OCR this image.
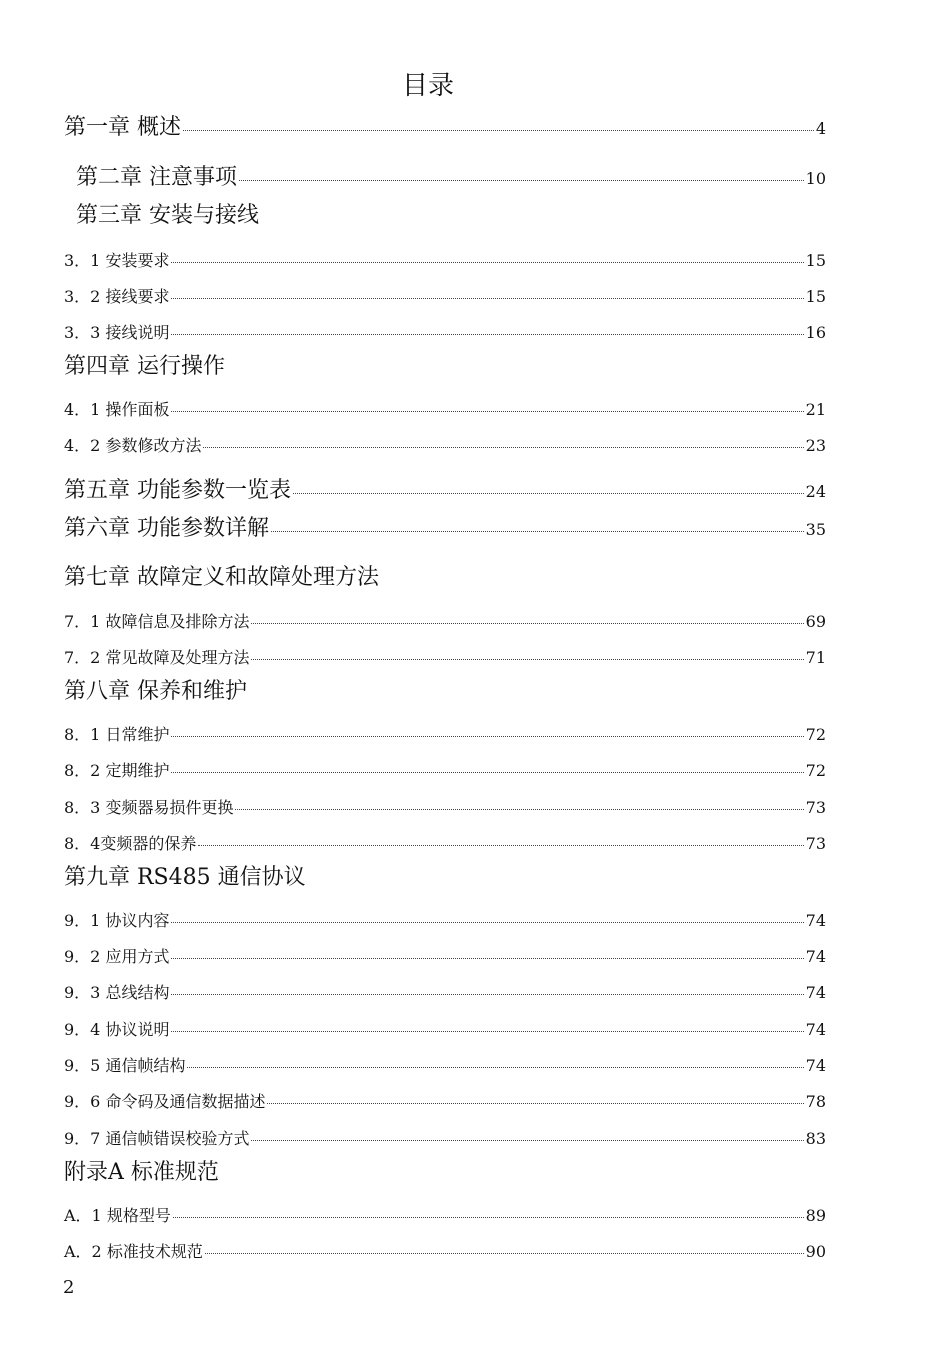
目录
第一章 概述	4
第二章 注意事项	10
第三章 安装与接线
3．1 安装要求	15
3．2 接线要求	15
3．3 接线说明	16
第四章 运行操作
4．1 操作面板	21
4．2 参数修改方法	23
第五章 功能参数一览表	24
第六章 功能参数详解	35
第七章 故障定义和故障处理方法
7．1 故障信息及排除方法	69
7．2 常见故障及处理方法	71
第八章 保养和维护
8．1 日常维护	72
8．2 定期维护	72
8．3 变频器易损件更换	73
8．4变频器的保养	73
第九章 RS485 通信协议
9．1 协议内容	74
9．2 应用方式	74
9．3 总线结构	74
9．4 协议说明	74
9．5 通信帧结构	74
9．6 命令码及通信数据描述	78
9．7 通信帧错误校验方式	83
附录A 标准规范
A．1 规格型号	89
A．2 标准技术规范	90
2
